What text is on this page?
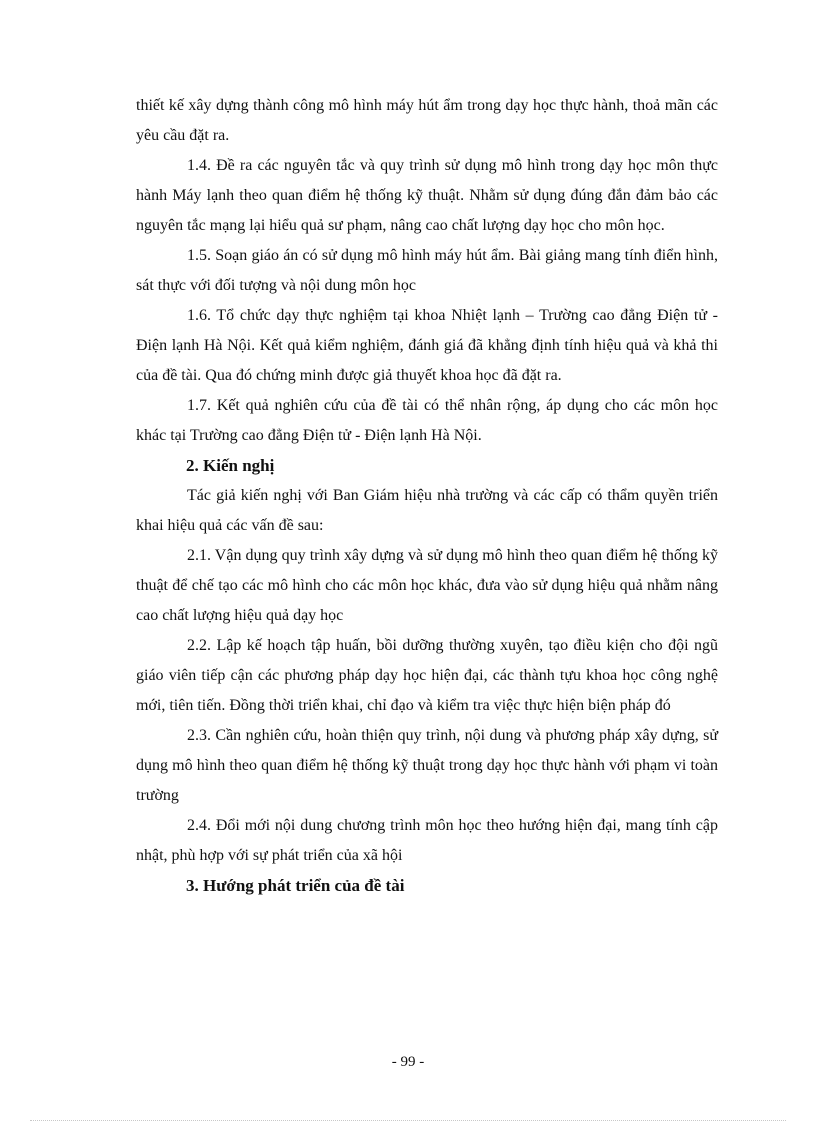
thiết kế xây dựng thành công mô hình máy hút ẩm trong dạy học thực hành, thoả mãn các yêu cầu đặt ra.

1.4. Đề ra các nguyên tắc và quy trình sử dụng mô hình trong dạy học môn thực hành Máy lạnh theo quan điểm hệ thống kỹ thuật. Nhằm sử dụng đúng đắn đảm bảo các nguyên tắc mạng lại hiểu quả sư phạm, nâng cao chất lượng dạy học cho môn học.

1.5. Soạn giáo án có sử dụng mô hình máy hút ẩm. Bài giảng mang tính điển hình, sát thực với đối tượng và nội dung môn học

1.6. Tổ chức dạy thực nghiệm tại khoa Nhiệt lạnh – Trường cao đẳng Điện tử - Điện lạnh Hà Nội. Kết quả kiểm nghiệm, đánh giá đã khẳng định tính hiệu quả và khả thi của đề tài. Qua đó chứng minh được giả thuyết khoa học đã đặt ra.

1.7. Kết quả nghiên cứu của đề tài có thể nhân rộng, áp dụng cho các môn học khác tại Trường cao đẳng Điện tử - Điện lạnh Hà Nội.

2. Kiến nghị

Tác giả kiến nghị với Ban Giám hiệu nhà trường và các cấp có thẩm quyền triển khai hiệu quả các vấn đề sau:

2.1. Vận dụng quy trình xây dựng và sử dụng mô hình theo quan điểm hệ thống kỹ thuật để chế tạo các mô hình cho các môn học khác, đưa vào sử dụng hiệu quả nhằm nâng cao chất lượng hiệu quả dạy học

2.2. Lập kế hoạch tập huấn, bồi dưỡng thường xuyên, tạo điều kiện cho đội ngũ giáo viên tiếp cận các phương pháp dạy học hiện đại, các thành tựu khoa học công nghệ mới, tiên tiến. Đồng thời triển khai, chỉ đạo và kiểm tra việc thực hiện biện pháp đó

2.3. Cần nghiên cứu, hoàn thiện quy trình, nội dung và phương pháp xây dựng, sử dụng mô hình theo quan điểm hệ thống kỹ thuật trong dạy học thực hành với phạm vi toàn trường

2.4. Đổi mới nội dung chương trình môn học theo hướng hiện đại, mang tính cập nhật, phù hợp với sự phát triển của xã hội

3. Hướng phát triển của đề tài
- 99 -
